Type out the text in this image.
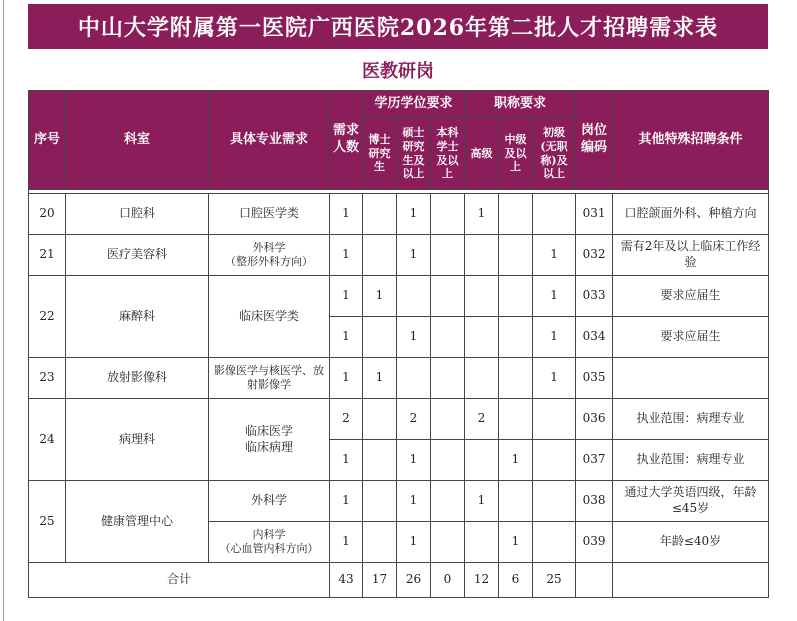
中山大学附属第一医院广西医院2026年第二批人才招聘需求表
医教研岗
序号	科室	具体专业需求	需求人数	学历学位要求			职称要求			岗位编码	其他特殊招聘条件
				博士研究生	硕士研究生及以上	本科学士及以上	高级	中级及以上	初级(无职称)及以上		

20	口腔科	口腔医学类	1		1		1			031	口腔颌面外科、种植方向
21	医疗美容科	外科学
（整形外科方向）	1		1				1	032	需有2年及以上临床工作经验
22	麻醉科	临床医学类	1	1					1	033	要求应届生
			1		1				1	034	要求应届生
23	放射影像科	影像医学与核医学、放射影像学	1	1					1	035	
24	病理科	临床医学
临床病理	2		2		2			036	执业范围：病理专业
			1		1			1		037	执业范围：病理专业
25	健康管理中心	外科学	1		1		1			038	通过大学英语四级，年龄≤45岁
		内科学
（心血管内科方向）	1		1			1		039	年龄≤40岁
合计			43	17	26	0	12	6	25		
